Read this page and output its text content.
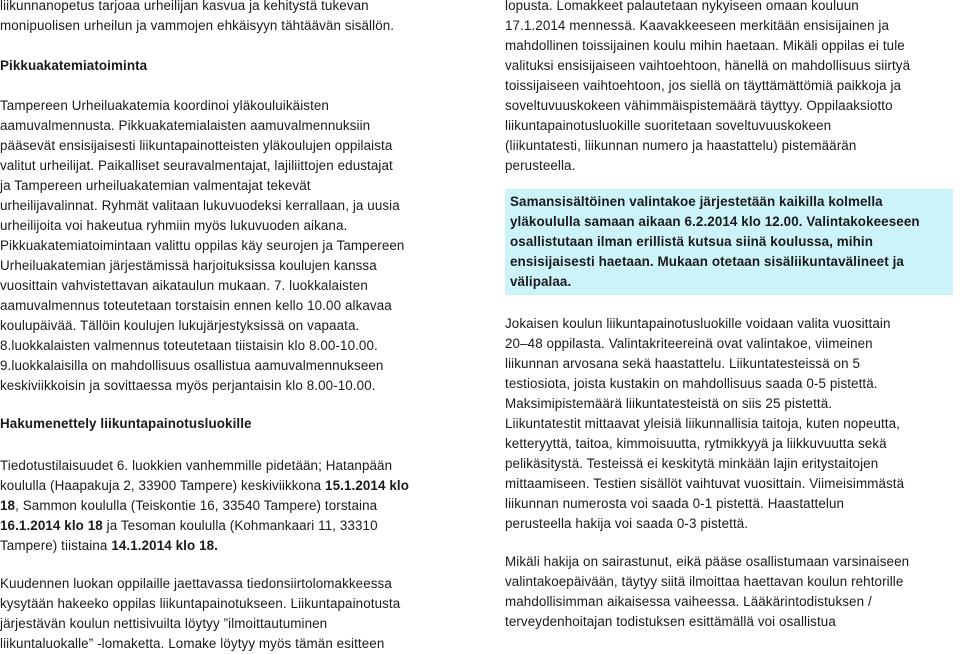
liikunnanopetus tarjoaa urheilijan kasvua ja kehitystä tukevan
monipuolisen urheilun ja vammojen ehkäisyyn tähtäävän sisällön.
Pikkuakatemiatoiminta
Tampereen Urheiluakatemia koordinoi yläkouluikäisten
aamuvalmennusta. Pikkuakatemialaisten aamuvalmennuksiin
pääsevät ensisijaisesti liikuntapainotteisten yläkoulujen oppilaista
valitut urheilijat. Paikalliset seuravalmentajat, lajiliittojen edustajat
ja Tampereen urheiluakatemian valmentajat tekevät
urheilijavalinnat. Ryhmät valitaan lukuvuodeksi kerrallaan, ja uusia
urheilijoita voi hakeutua ryhmiin myös lukuvuoden aikana.
Pikkuakatemiatoimintaan valittu oppilas käy seurojen ja Tampereen
Urheiluakatemian järjestämissä harjoituksissa koulujen kanssa
vuosittain vahvistettavan aikataulun mukaan. 7. luokkalaisten
aamuvalmennus toteutetaan torstaisin ennen kello 10.00 alkavaa
koulupäivää. Tällöin koulujen lukujärjestyksissä on vapaata.
8.luokkalaisten valmennus toteutetaan tiistaisin klo 8.00-10.00.
9.luokkalaisilla on mahdollisuus osallistua aamuvalmennukseen
keskiviikkoisin ja sovittaessa myös perjantaisin klo 8.00-10.00.
Hakumenettely liikuntapainotusluokille
Tiedotustilaisuudet 6. luokkien vanhemmille pidetään; Hatanpään
koululla (Haapakuja 2, 33900 Tampere) keskiviikkona 15.1.2014 klo
18, Sammon koululla (Teiskontie 16, 33540 Tampere) torstaina
16.1.2014 klo 18 ja Tesoman koululla (Kohmankaari 11, 33310
Tampere) tiistaina 14.1.2014 klo 18.
Kuudennen luokan oppilaille jaettavassa tiedonsiirtolomakkeessa
kysytään hakeeko oppilas liikuntapainotukseen. Liikuntapainotusta
järjestävän koulun nettisivuilta löytyy ”ilmoittautuminen
liikuntaluokalle” -lomaketta. Lomake löytyy myös tämän esitteen
lopusta. Lomakkeet palautetaan nykyiseen omaan kouluun
17.1.2014 mennessä. Kaavakkeeseen merkitään ensisijainen ja
mahdollinen toissijainen koulu mihin haetaan. Mikäli oppilas ei tule
valituksi ensisijaiseen vaihtoehtoon, hänellä on mahdollisuus siirtyä
toissijaiseen vaihtoehtoon, jos siellä on täyttämättömiä paikkoja ja
soveltuvuuskokeen vähimmäispistemäärä täyttyy. Oppilaaksiotto
liikuntapainotusluokille suoritetaan soveltuvuuskokeen
(liikuntatesti, liikunnan numero ja haastattelu) pistemäärän
perusteella.
Samansisältöinen valintakoe järjestetään kaikilla kolmella
yläkoululla samaan aikaan 6.2.2014 klo 12.00. Valintakokeeseen
osallistutaan ilman erillistä kutsua siinä koulussa, mihin
ensisijaisesti haetaan. Mukaan otetaan sisäliikuntavälineet ja
välipalaa.
Jokaisen koulun liikuntapainotusluokille voidaan valita vuosittain
20–48 oppilasta. Valintakriteereinä ovat valintakoe, viimeinen
liikunnan arvosana sekä haastattelu. Liikuntatesteissä on 5
testiosiota, joista kustakin on mahdollisuus saada 0-5 pistettä.
Maksimipistemäärä liikuntatesteistä on siis 25 pistettä.
Liikuntatestit mittaavat yleisiä liikunnallisia taitoja, kuten nopeutta,
ketteryyttä, taitoa, kimmoisuutta, rytmikkyyä ja liikkuvuutta sekä
pelikäsitystä. Testeissä ei keskitytä minkään lajin eritystaitojen
mittaamiseen. Testien sisällöt vaihtuvat vuosittain. Viimeisimmästä
liikunnan numerosta voi saada 0-1 pistettä. Haastattelun
perusteella hakija voi saada 0-3 pistettä.
Mikäli hakija on sairastunut, eikä pääse osallistumaan varsinaiseen
valintakoepäivään, täytyy siitä ilmoittaa haettavan koulun rehtorille
mahdollisimman aikaisessa vaiheessa. Lääkärintodistuksen /
terveydenhoitajan todistuksen esittämällä voi osallistua
